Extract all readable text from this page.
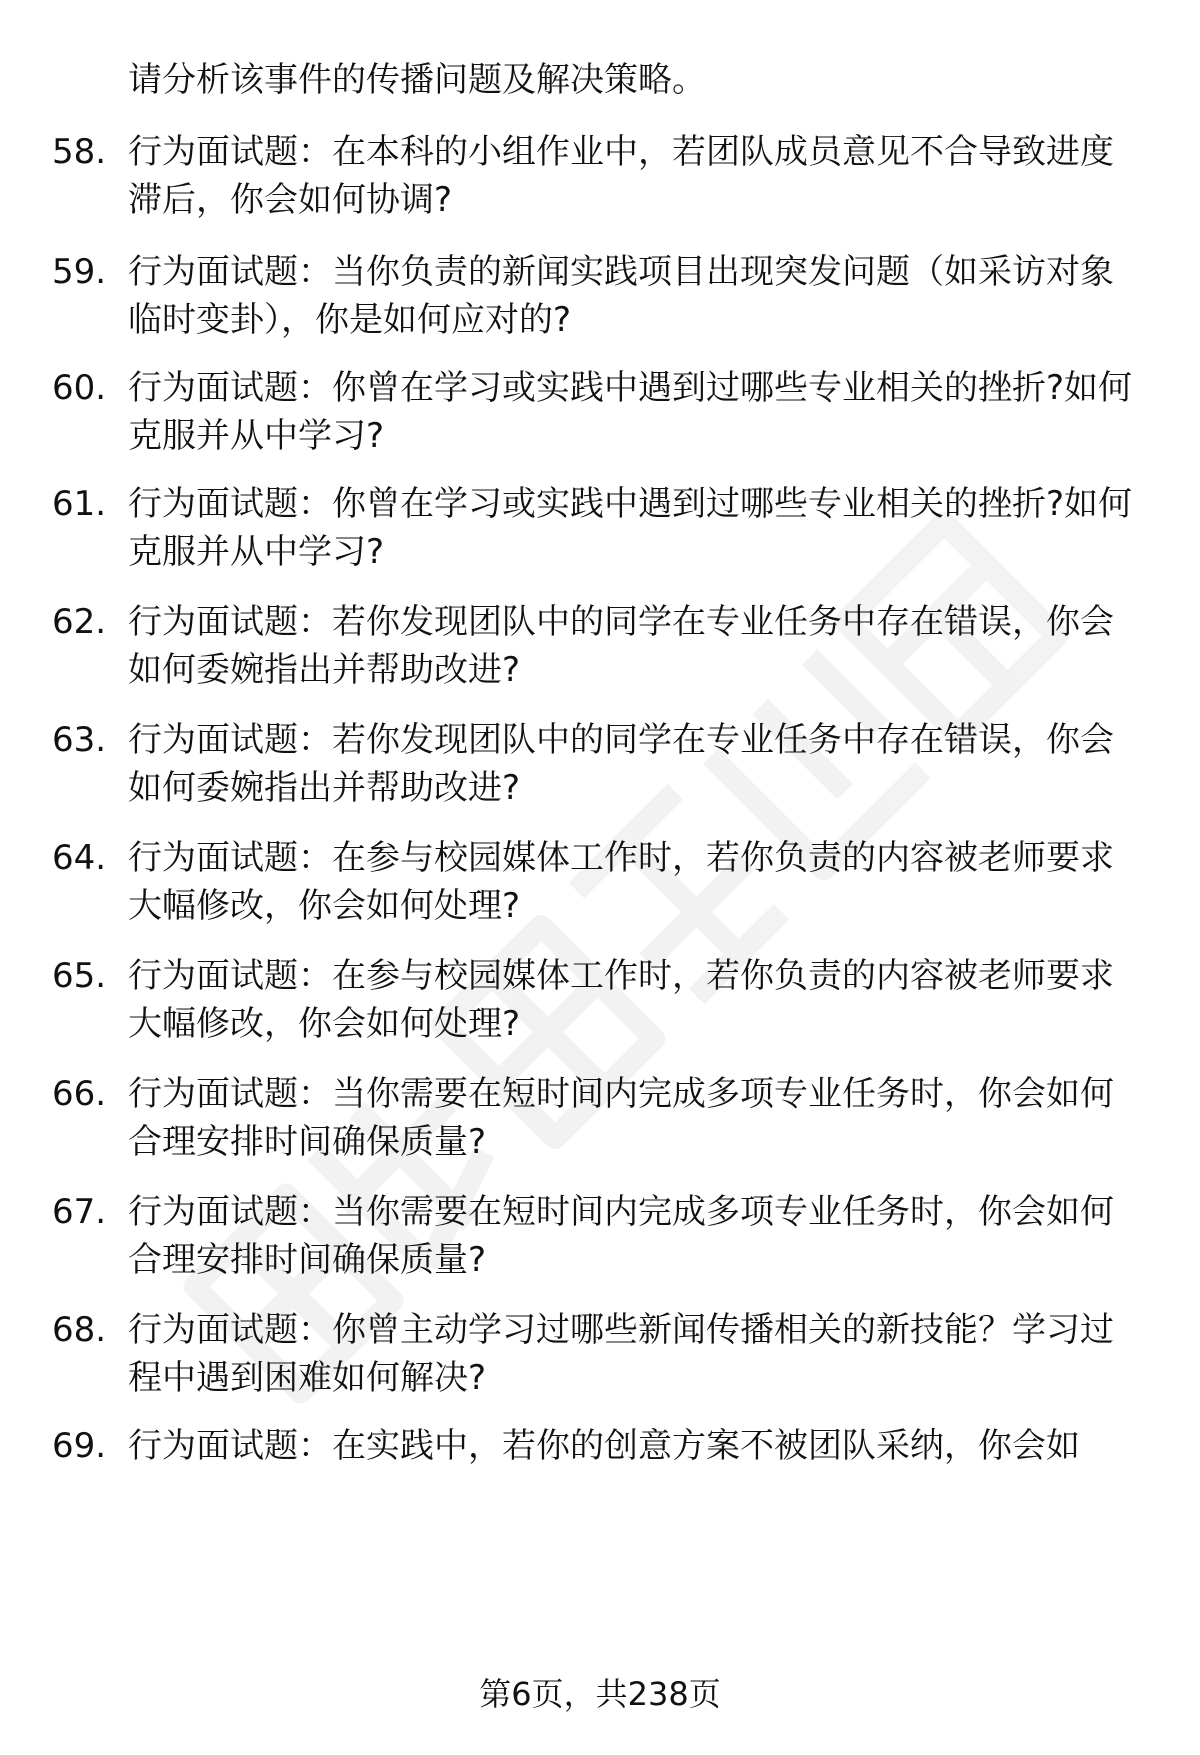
请分析该事件的传播问题及解决策略。
58. 行为面试题：在本科的小组作业中，若团队成员意见不合导致进度滞后，你会如何协调?
59. 行为面试题：当你负责的新闻实践项目出现突发问题（如采访对象临时变卦），你是如何应对的?
60. 行为面试题：你曾在学习或实践中遇到过哪些专业相关的挫折?如何克服并从中学习?
61. 行为面试题：你曾在学习或实践中遇到过哪些专业相关的挫折?如何克服并从中学习?
62. 行为面试题：若你发现团队中的同学在专业任务中存在错误，你会如何委婉指出并帮助改进?
63. 行为面试题：若你发现团队中的同学在专业任务中存在错误，你会如何委婉指出并帮助改进?
64. 行为面试题：在参与校园媒体工作时，若你负责的内容被老师要求大幅修改，你会如何处理?
65. 行为面试题：在参与校园媒体工作时，若你负责的内容被老师要求大幅修改，你会如何处理?
66. 行为面试题：当你需要在短时间内完成多项专业任务时，你会如何合理安排时间确保质量?
67. 行为面试题：当你需要在短时间内完成多项专业任务时，你会如何合理安排时间确保质量?
68. 行为面试题：你曾主动学习过哪些新闻传播相关的新技能？学习过程中遇到困难如何解决?
69. 行为面试题：在实践中，若你的创意方案不被团队采纳，你会如
第6页，共238页
